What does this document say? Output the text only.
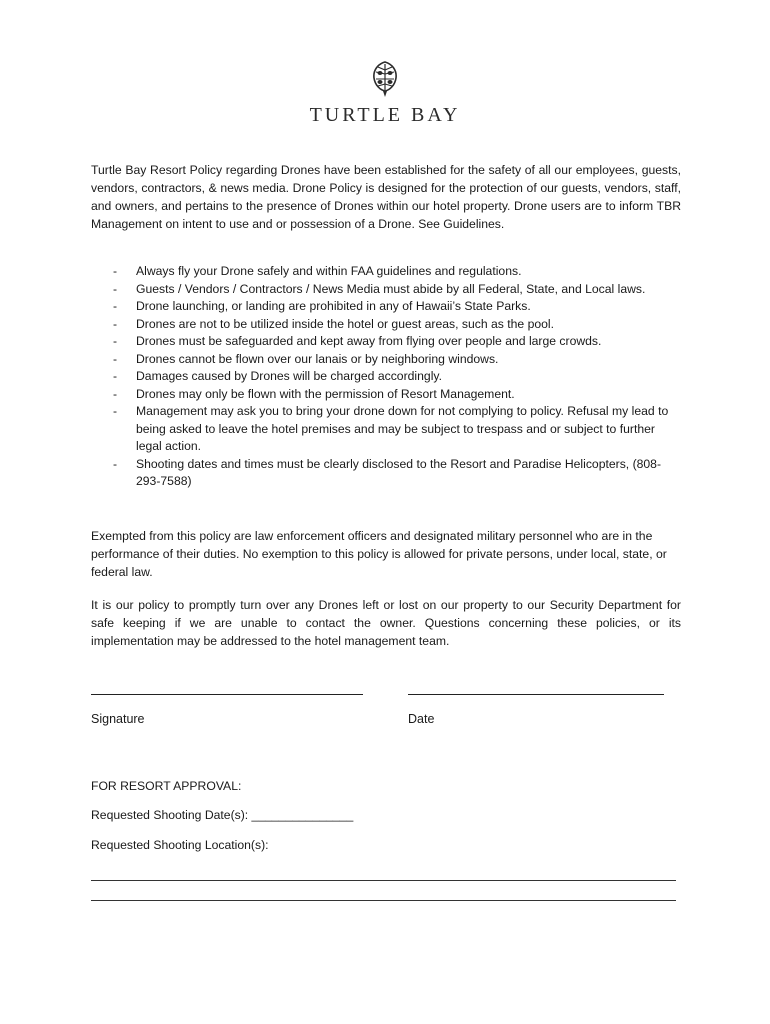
TURTLE BAY

Turtle Bay Resort Policy regarding Drones have been established for the safety of all our employees, guests, vendors, contractors, & news media. Drone Policy is designed for the protection of our guests, vendors, staff, and owners, and pertains to the presence of Drones within our hotel property. Drone users are to inform TBR Management on intent to use and or possession of a Drone. See Guidelines.

-	Always fly your Drone safely and within FAA guidelines and regulations.
-	Guests / Vendors / Contractors / News Media must abide by all Federal, State, and Local laws.
-	Drone launching, or landing are prohibited in any of Hawaii’s State Parks.
-	Drones are not to be utilized inside the hotel or guest areas, such as the pool.
-	Drones must be safeguarded and kept away from flying over people and large crowds.
-	Drones cannot be flown over our lanais or by neighboring windows.
-	Damages caused by Drones will be charged accordingly.
-	Drones may only be flown with the permission of Resort Management.
-	Management may ask you to bring your drone down for not complying to policy. Refusal my lead to being asked to leave the hotel premises and may be subject to trespass and or subject to further legal action.
-	Shooting dates and times must be clearly disclosed to the Resort and Paradise Helicopters, (808-293-7588)

Exempted from this policy are law enforcement officers and designated military personnel who are in the performance of their duties. No exemption to this policy is allowed for private persons, under local, state, or federal law.

It is our policy to promptly turn over any Drones left or lost on our property to our Security Department for safe keeping if we are unable to contact the owner. Questions concerning these policies, or its implementation may be addressed to the hotel management team.

Signature	Date
FOR RESORT APPROVAL:
Requested Shooting Date(s): _______________
Requested Shooting Location(s):
